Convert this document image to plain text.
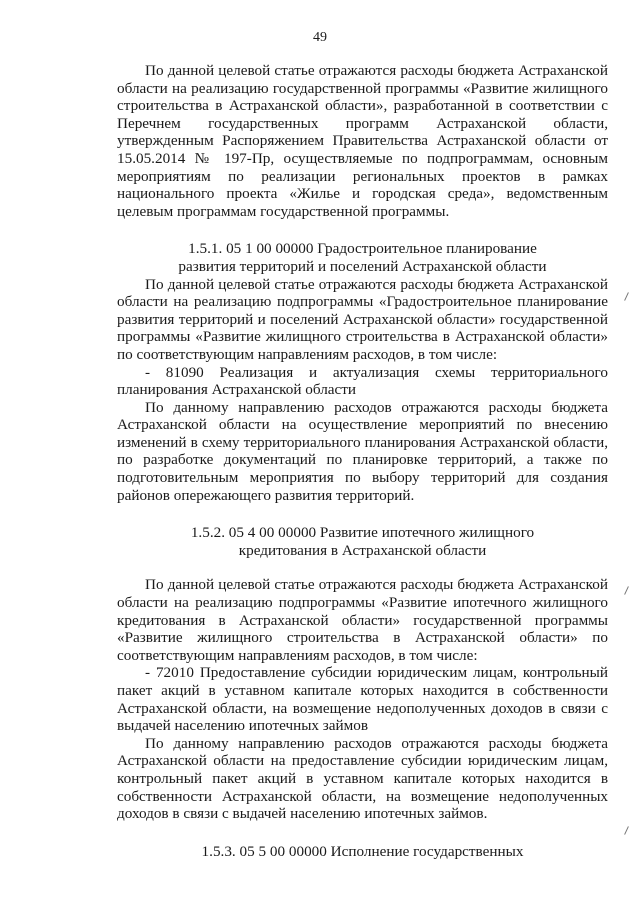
49

По данной целевой статье отражаются расходы бюджета Астраханской области на реализацию государственной программы «Развитие жилищного строительства в Астраханской области», разработанной в соответствии с Перечнем государственных программ Астраханской области, утвержденным Распоряжением Правительства Астраханской области от 15.05.2014 № 197-Пр, осуществляемые по подпрограммам, основным мероприятиям по реализации региональных проектов в рамках национального проекта «Жилье и городская среда», ведомственным целевым программам государственной программы.

1.5.1. 05 1 00 00000 Градостроительное планирование

развития территорий и поселений Астраханской области

По данной целевой статье отражаются расходы бюджета Астраханской области на реализацию подпрограммы «Градостроительное планирование развития территорий и поселений Астраханской области» государственной программы «Развитие жилищного строительства в Астраханской области» по соответствующим направлениям расходов, в том числе:

- 81090 Реализация и актуализация схемы территориального планирования Астраханской области

По данному направлению расходов отражаются расходы бюджета Астраханской области на осуществление мероприятий по внесению изменений в схему территориального планирования Астраханской области, по разработке документаций по планировке территорий, а также по подготовительным мероприятия по выбору территорий для создания районов опережающего развития территорий.

1.5.2. 05 4 00 00000 Развитие ипотечного жилищного

кредитования в Астраханской области

По данной целевой статье отражаются расходы бюджета Астраханской области на реализацию подпрограммы «Развитие ипотечного жилищного кредитования в Астраханской области» государственной программы «Развитие жилищного строительства в Астраханской области» по соответствующим направлениям расходов, в том числе:

- 72010 Предоставление субсидии юридическим лицам, контрольный пакет акций в уставном капитале которых находится в собственности Астраханской области, на возмещение недополученных доходов в связи с выдачей населению ипотечных займов

По данному направлению расходов отражаются расходы бюджета Астраханской области на предоставление субсидии юридическим лицам, контрольный пакет акций в уставном капитале которых находится в собственности Астраханской области, на возмещение недополученных доходов в связи с выдачей населению ипотечных займов.

1.5.3. 05 5 00 00000 Исполнение государственных
